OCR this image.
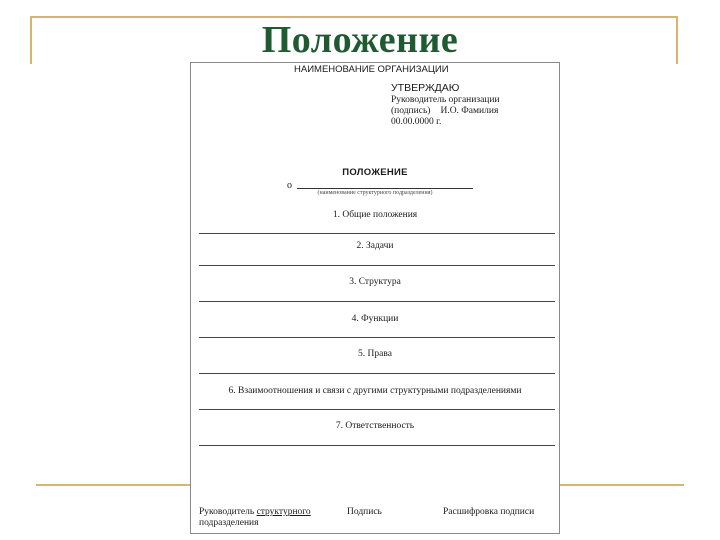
Положение
НАИМЕНОВАНИЕ ОРГАНИЗАЦИИ
УТВЕРЖДАЮ
Руководитель организации
(подпись) И.О. Фамилия
00.00.0000 г.
ПОЛОЖЕНИЕ
о
(наименование структурного подразделения)
1. Общие положения
2. Задачи
3. Структура
4. Функции
5. Права
6. Взаимоотношения и связи с другими структурными подразделениями
7. Ответственность
Руководитель структурного
подразделения
Подпись	Расшифровка подписи
